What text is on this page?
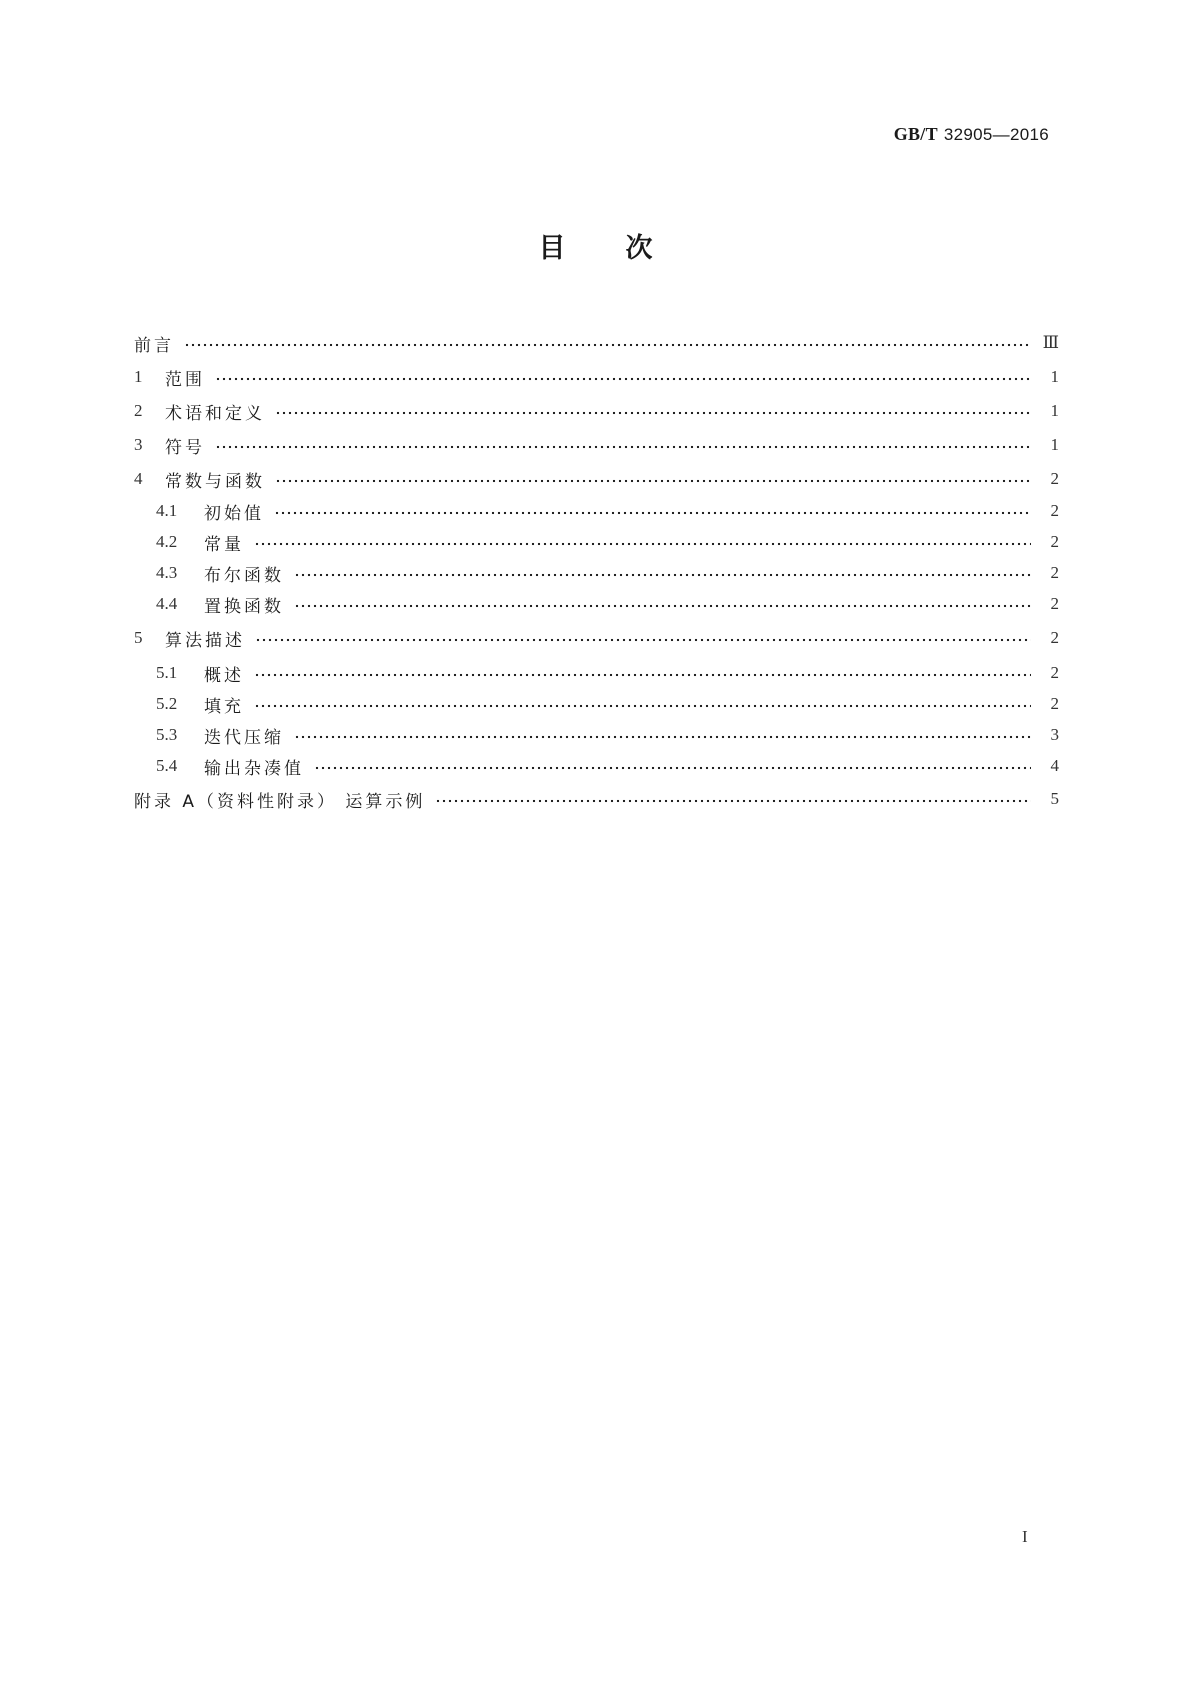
GB/T 32905—2016
目 次
前言	Ⅲ
1	范围	1
2	术语和定义	1
3	符号	1
4	常数与函数	2
4.1	初始值	2
4.2	常量	2
4.3	布尔函数	2
4.4	置换函数	2
5	算法描述	2
5.1	概述	2
5.2	填充	2
5.3	迭代压缩	3
5.4	输出杂凑值	4
附录 A（资料性附录） 运算示例	5
I
